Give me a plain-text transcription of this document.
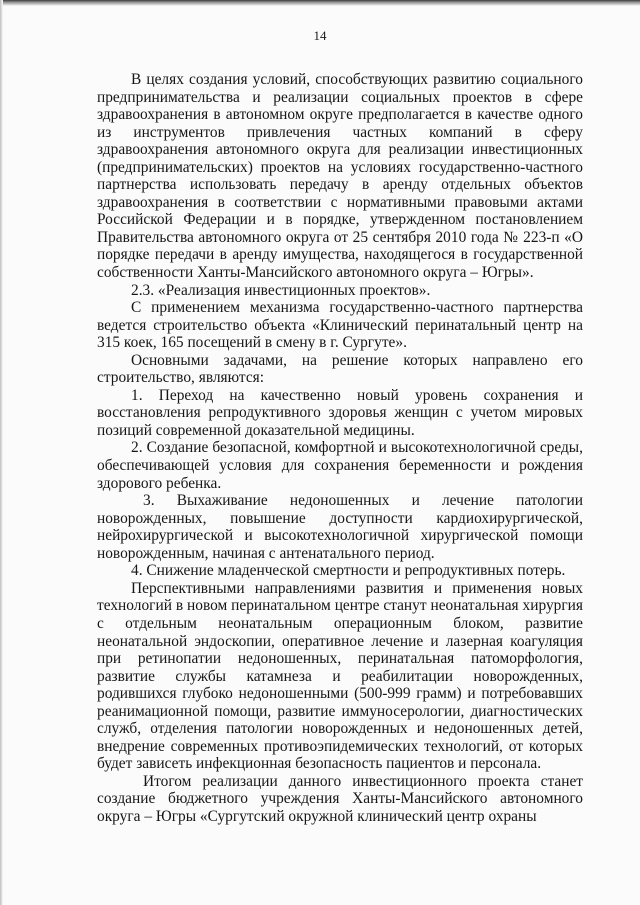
14

В целях создания условий, способствующих развитию социального предпринимательства и реализации социальных проектов в сфере здравоохранения в автономном округе предполагается в качестве одного из инструментов привлечения частных компаний в сферу здравоохранения автономного округа для реализации инвестиционных (предпринимательских) проектов на условиях государственно-частного партнерства использовать передачу в аренду отдельных объектов здравоохранения в соответствии с нормативными правовыми актами Российской Федерации и в порядке, утвержденном постановлением Правительства автономного округа от 25 сентября 2010 года № 223-п «О порядке передачи в аренду имущества, находящегося в государственной собственности Ханты-Мансийского автономного округа – Югры».

2.3. «Реализация инвестиционных проектов».

С применением механизма государственно-частного партнерства ведется строительство объекта «Клинический перинатальный центр на 315 коек, 165 посещений в смену в г. Сургуте».

Основными задачами, на решение которых направлено его строительство, являются:

1. Переход на качественно новый уровень сохранения и восстановления репродуктивного здоровья женщин с учетом мировых позиций современной доказательной медицины.

2. Создание безопасной, комфортной и высокотехнологичной среды, обеспечивающей условия для сохранения беременности и рождения здорового ребенка.

3. Выхаживание недоношенных и лечение патологии новорожденных, повышение доступности кардиохирургической, нейрохирургической и высокотехнологичной хирургической помощи новорожденным, начиная с антенатального период.

4. Снижение младенческой смертности и репродуктивных потерь.

Перспективными направлениями развития и применения новых технологий в новом перинатальном центре станут неонатальная хирургия с отдельным неонатальным операционным блоком, развитие неонатальной эндоскопии, оперативное лечение и лазерная коагуляция при ретинопатии недоношенных, перинатальная патоморфология, развитие службы катамнеза и реабилитации новорожденных, родившихся глубоко недоношенными (500-999 грамм) и потребовавших реанимационной помощи, развитие иммуносерологии, диагностических служб, отделения патологии новорожденных и недоношенных детей, внедрение современных противоэпидемических технологий, от которых будет зависеть инфекционная безопасность пациентов и персонала.

Итогом реализации данного инвестиционного проекта станет создание бюджетного учреждения Ханты-Мансийского автономного округа – Югры «Сургутский окружной клинический центр охраны
